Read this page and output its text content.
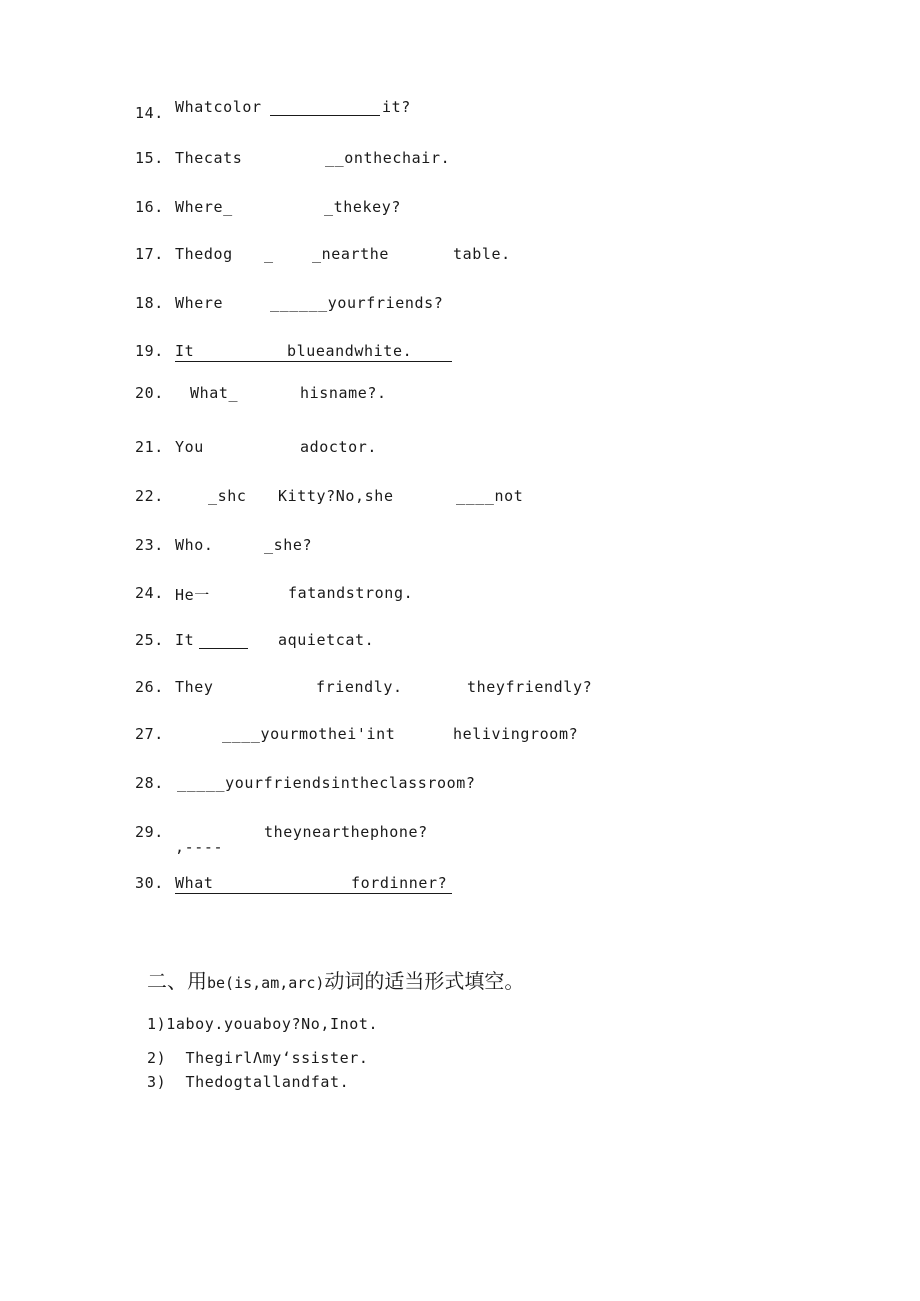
14. Whatcolor	it?
15. Thecats	__onthechair.
16. Where_	_thekey?
17. Thedog _	_nearthe	table.
18. Where	______yourfriends?
19. It	blueandwhite.
20. What_	hisname?.
21. You	adoctor.
22.	_shc Kitty?No,she	____not
23. Who.	_she?
24. He一	fatandstrong.
25. It	aquietcat.
26. They	friendly.	theyfriendly?
27.	____yourmothei'int	helivingroom?
28. _____yourfriendsintheclassroom?
29.	theynearthephone?
,----
30. What	fordinner?
二、用be(is,am,arc)动词的适当形式填空。
1)1aboy.youaboy?No,Inot.
2)  ThegirlΛmy‘ssister.
3)  Thedogtallandfat.
